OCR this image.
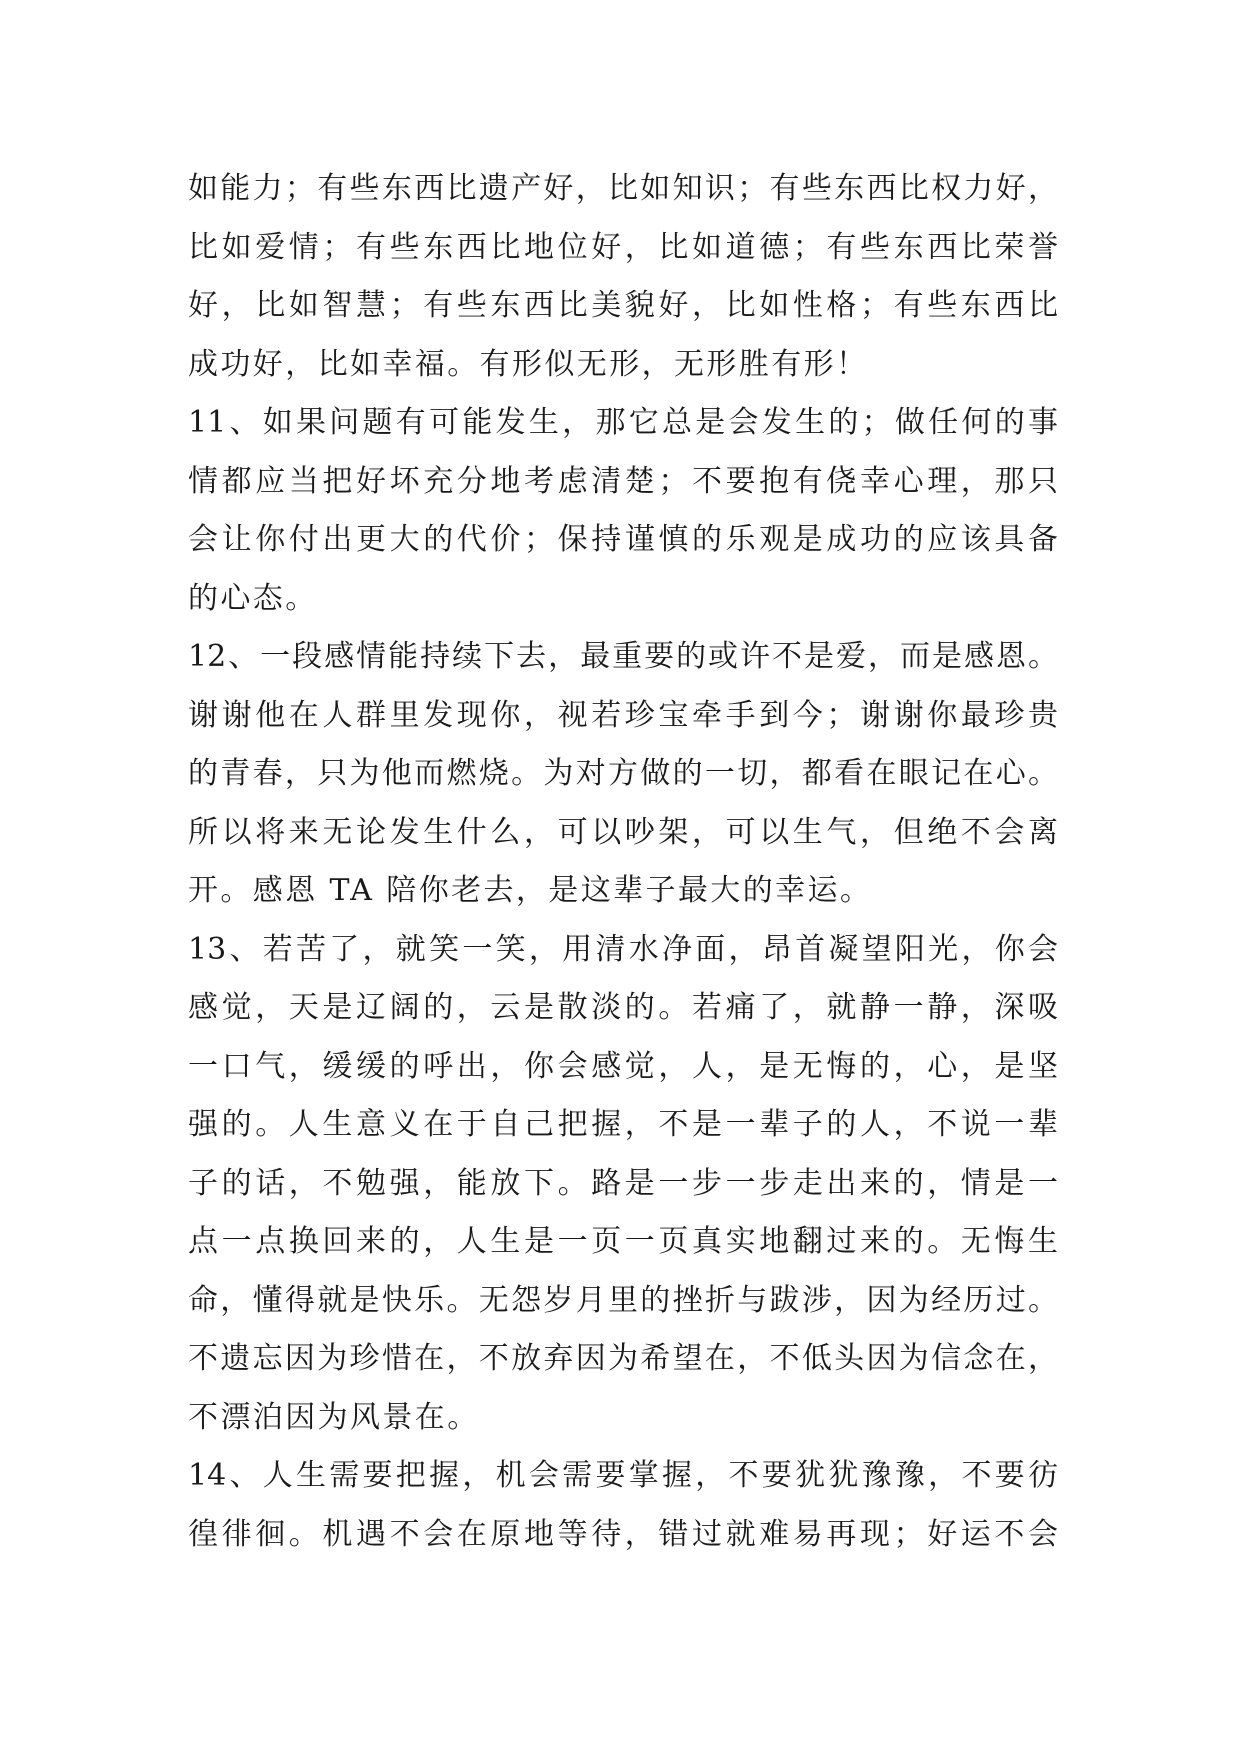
如能力；有些东西比遗产好，比如知识；有些东西比权力好，
比如爱情；有些东西比地位好，比如道德；有些东西比荣誉
好，比如智慧；有些东西比美貌好，比如性格；有些东西比
成功好，比如幸福。有形似无形，无形胜有形！
11、如果问题有可能发生，那它总是会发生的；做任何的事
情都应当把好坏充分地考虑清楚；不要抱有侥幸心理，那只
会让你付出更大的代价；保持谨慎的乐观是成功的应该具备
的心态。
12、一段感情能持续下去，最重要的或许不是爱，而是感恩。
谢谢他在人群里发现你，视若珍宝牵手到今；谢谢你最珍贵
的青春，只为他而燃烧。为对方做的一切，都看在眼记在心。
所以将来无论发生什么，可以吵架，可以生气，但绝不会离
开。感恩 TA 陪你老去，是这辈子最大的幸运。
13、若苦了，就笑一笑，用清水净面，昂首凝望阳光，你会
感觉，天是辽阔的，云是散淡的。若痛了，就静一静，深吸
一口气，缓缓的呼出，你会感觉，人，是无悔的，心，是坚
强的。人生意义在于自己把握，不是一辈子的人，不说一辈
子的话，不勉强，能放下。路是一步一步走出来的，情是一
点一点换回来的，人生是一页一页真实地翻过来的。无悔生
命，懂得就是快乐。无怨岁月里的挫折与跋涉，因为经历过。
不遗忘因为珍惜在，不放弃因为希望在，不低头因为信念在，
不漂泊因为风景在。
14、人生需要把握，机会需要掌握，不要犹犹豫豫，不要彷
徨徘徊。机遇不会在原地等待，错过就难易再现；好运不会
